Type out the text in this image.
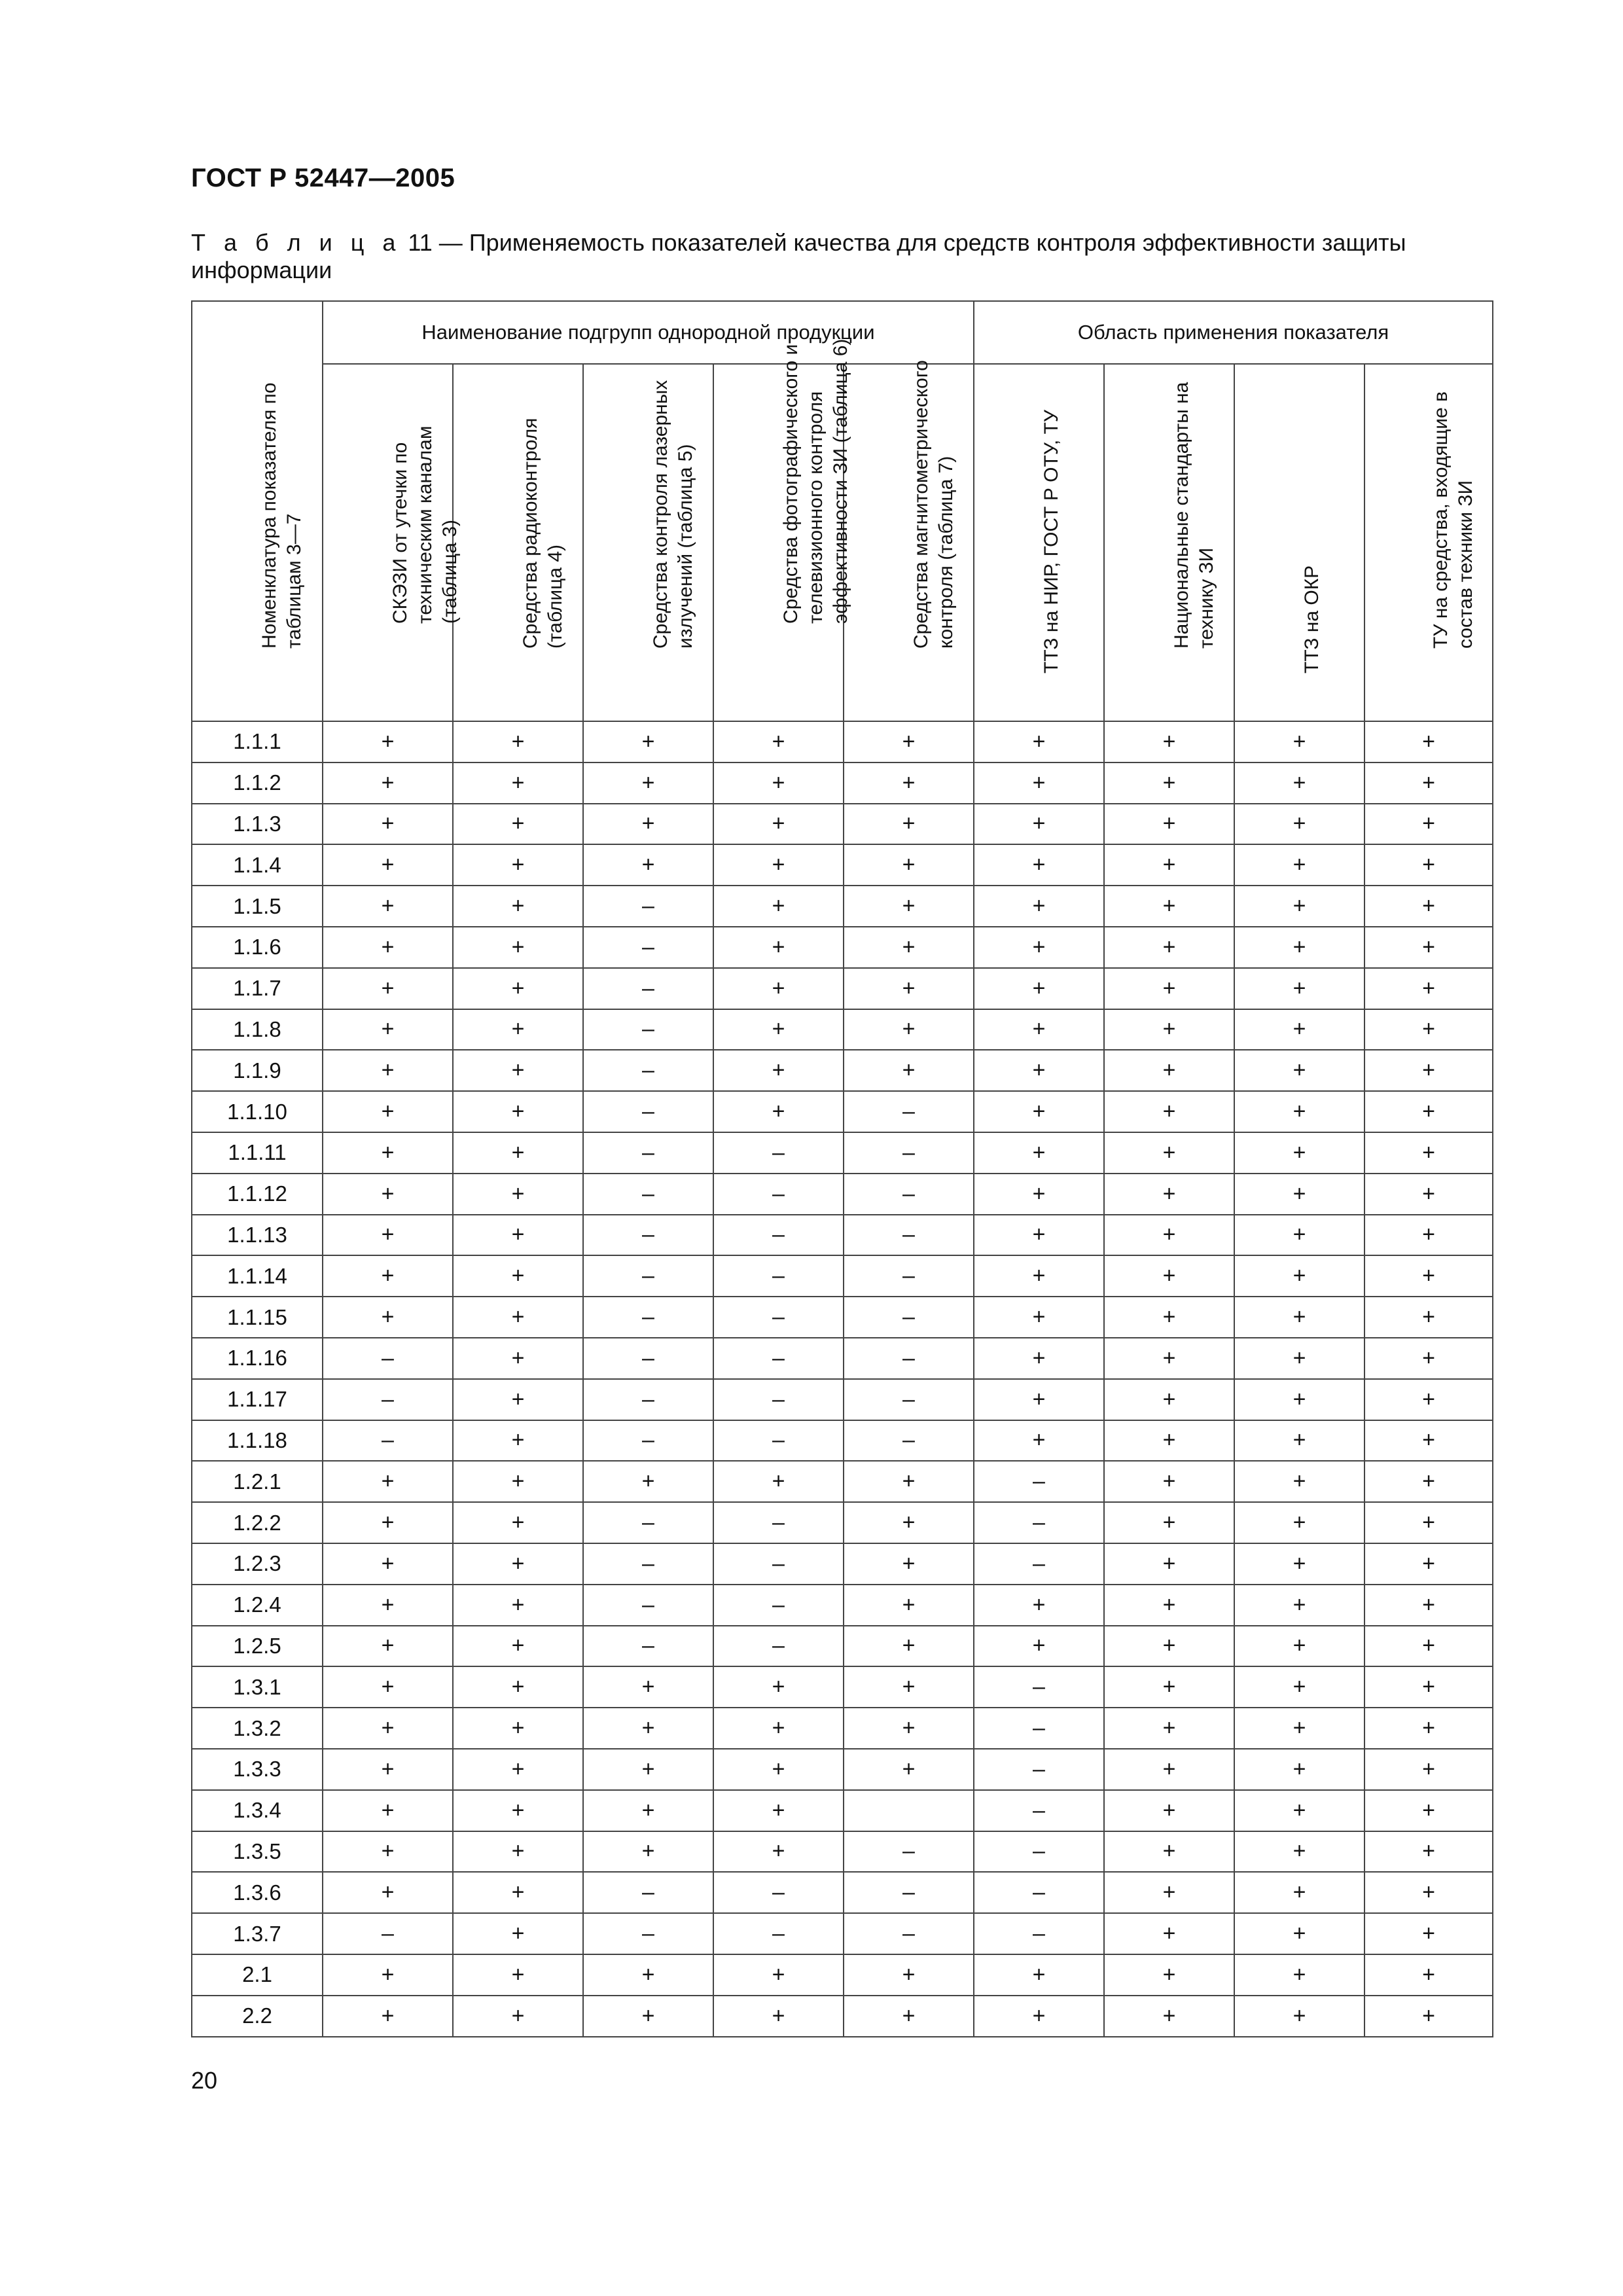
ГОСТ Р 52447—2005
Т а б л и ц а 11 — Применяемость показателей качества для средств контроля эффективности защиты информации
Номенклатура показателя по
таблицам 3—7	Наименование подгрупп однородной продукции					Область применения показателя			

	СКЭЗИ от утечки по
техническим каналам
(таблица 3)	Средства радиоконтроля
(таблица 4)	Средства контроля лазерных
излучений (таблица 5)	Средства фотографического и
телевизионного контроля
эффективности ЗИ (таблица 6)	Средства магнитометрического
контроля (таблица 7)	ТТЗ на НИР, ГОСТ Р ОТУ, ТУ	Национальные стандарты на
технику ЗИ	ТТЗ на ОКР	ТУ на средства, входящие в
состав техники ЗИ

1.1.1	+	+	+	+	+	+	+	+	+
1.1.2	+	+	+	+	+	+	+	+	+
1.1.3	+	+	+	+	+	+	+	+	+
1.1.4	+	+	+	+	+	+	+	+	+
1.1.5	+	+	–	+	+	+	+	+	+
1.1.6	+	+	–	+	+	+	+	+	+
1.1.7	+	+	–	+	+	+	+	+	+
1.1.8	+	+	–	+	+	+	+	+	+
1.1.9	+	+	–	+	+	+	+	+	+
1.1.10	+	+	–	+	–	+	+	+	+
1.1.11	+	+	–	–	–	+	+	+	+
1.1.12	+	+	–	–	–	+	+	+	+
1.1.13	+	+	–	–	–	+	+	+	+
1.1.14	+	+	–	–	–	+	+	+	+
1.1.15	+	+	–	–	–	+	+	+	+
1.1.16	–	+	–	–	–	+	+	+	+
1.1.17	–	+	–	–	–	+	+	+	+
1.1.18	–	+	–	–	–	+	+	+	+
1.2.1	+	+	+	+	+	–	+	+	+
1.2.2	+	+	–	–	+	–	+	+	+
1.2.3	+	+	–	–	+	–	+	+	+
1.2.4	+	+	–	–	+	+	+	+	+
1.2.5	+	+	–	–	+	+	+	+	+
1.3.1	+	+	+	+	+	–	+	+	+
1.3.2	+	+	+	+	+	–	+	+	+
1.3.3	+	+	+	+	+	–	+	+	+
1.3.4	+	+	+	+		–	+	+	+
1.3.5	+	+	+	+	–	–	+	+	+
1.3.6	+	+	–	–	–	–	+	+	+
1.3.7	–	+	–	–	–	–	+	+	+
2.1	+	+	+	+	+	+	+	+	+
2.2	+	+	+	+	+	+	+	+	+
20
